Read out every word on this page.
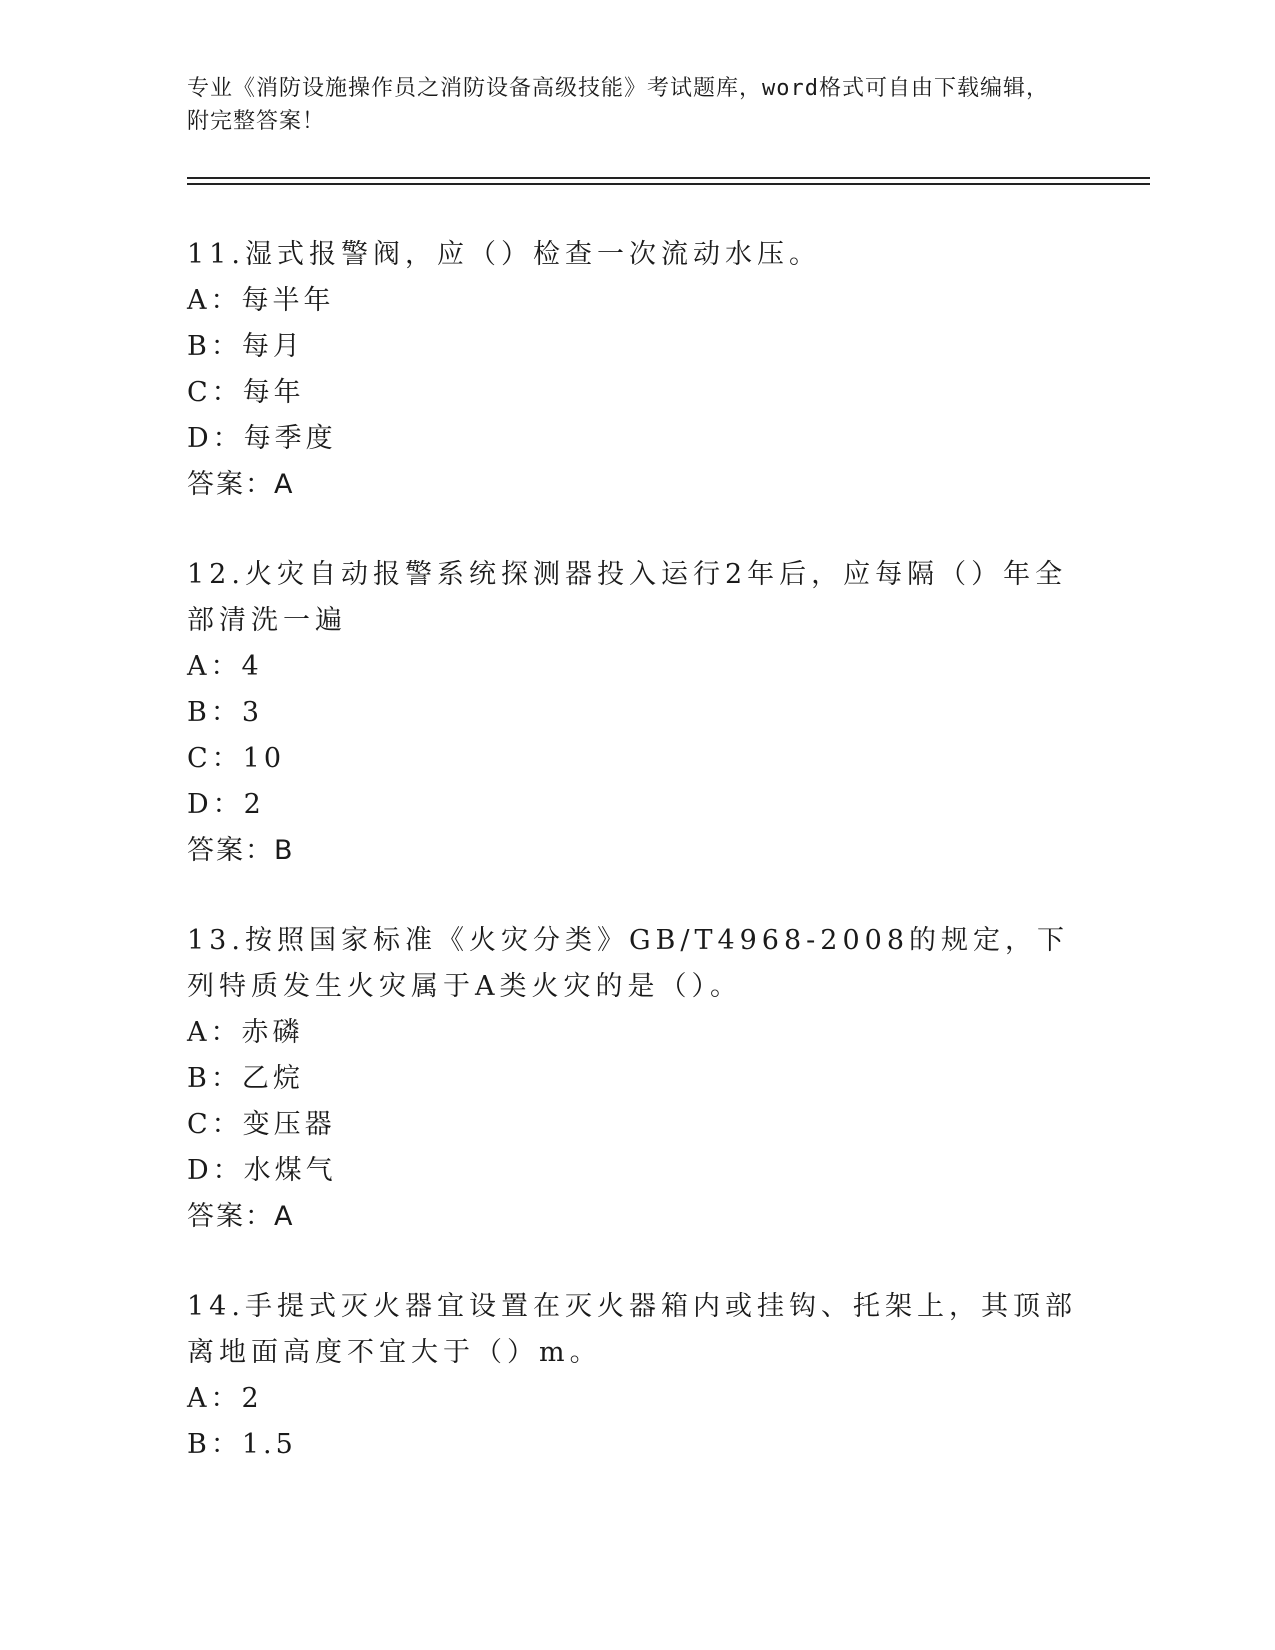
专业《消防设施操作员之消防设备高级技能》考试题库，word格式可自由下载编辑，附完整答案！
11.湿式报警阀，应（）检查一次流动水压。
A：每半年
B：每月
C：每年
D：每季度
答案：A
12.火灾自动报警系统探测器投入运行2年后，应每隔（）年全部清洗一遍
A：4
B：3
C：10
D：2
答案：B
13.按照国家标准《火灾分类》GB/T4968-2008的规定，下列特质发生火灾属于A类火灾的是（）。
A：赤磷
B：乙烷
C：变压器
D：水煤气
答案：A
14.手提式灭火器宜设置在灭火器箱内或挂钩、托架上，其顶部离地面高度不宜大于（）m。
A：2
B：1.5
